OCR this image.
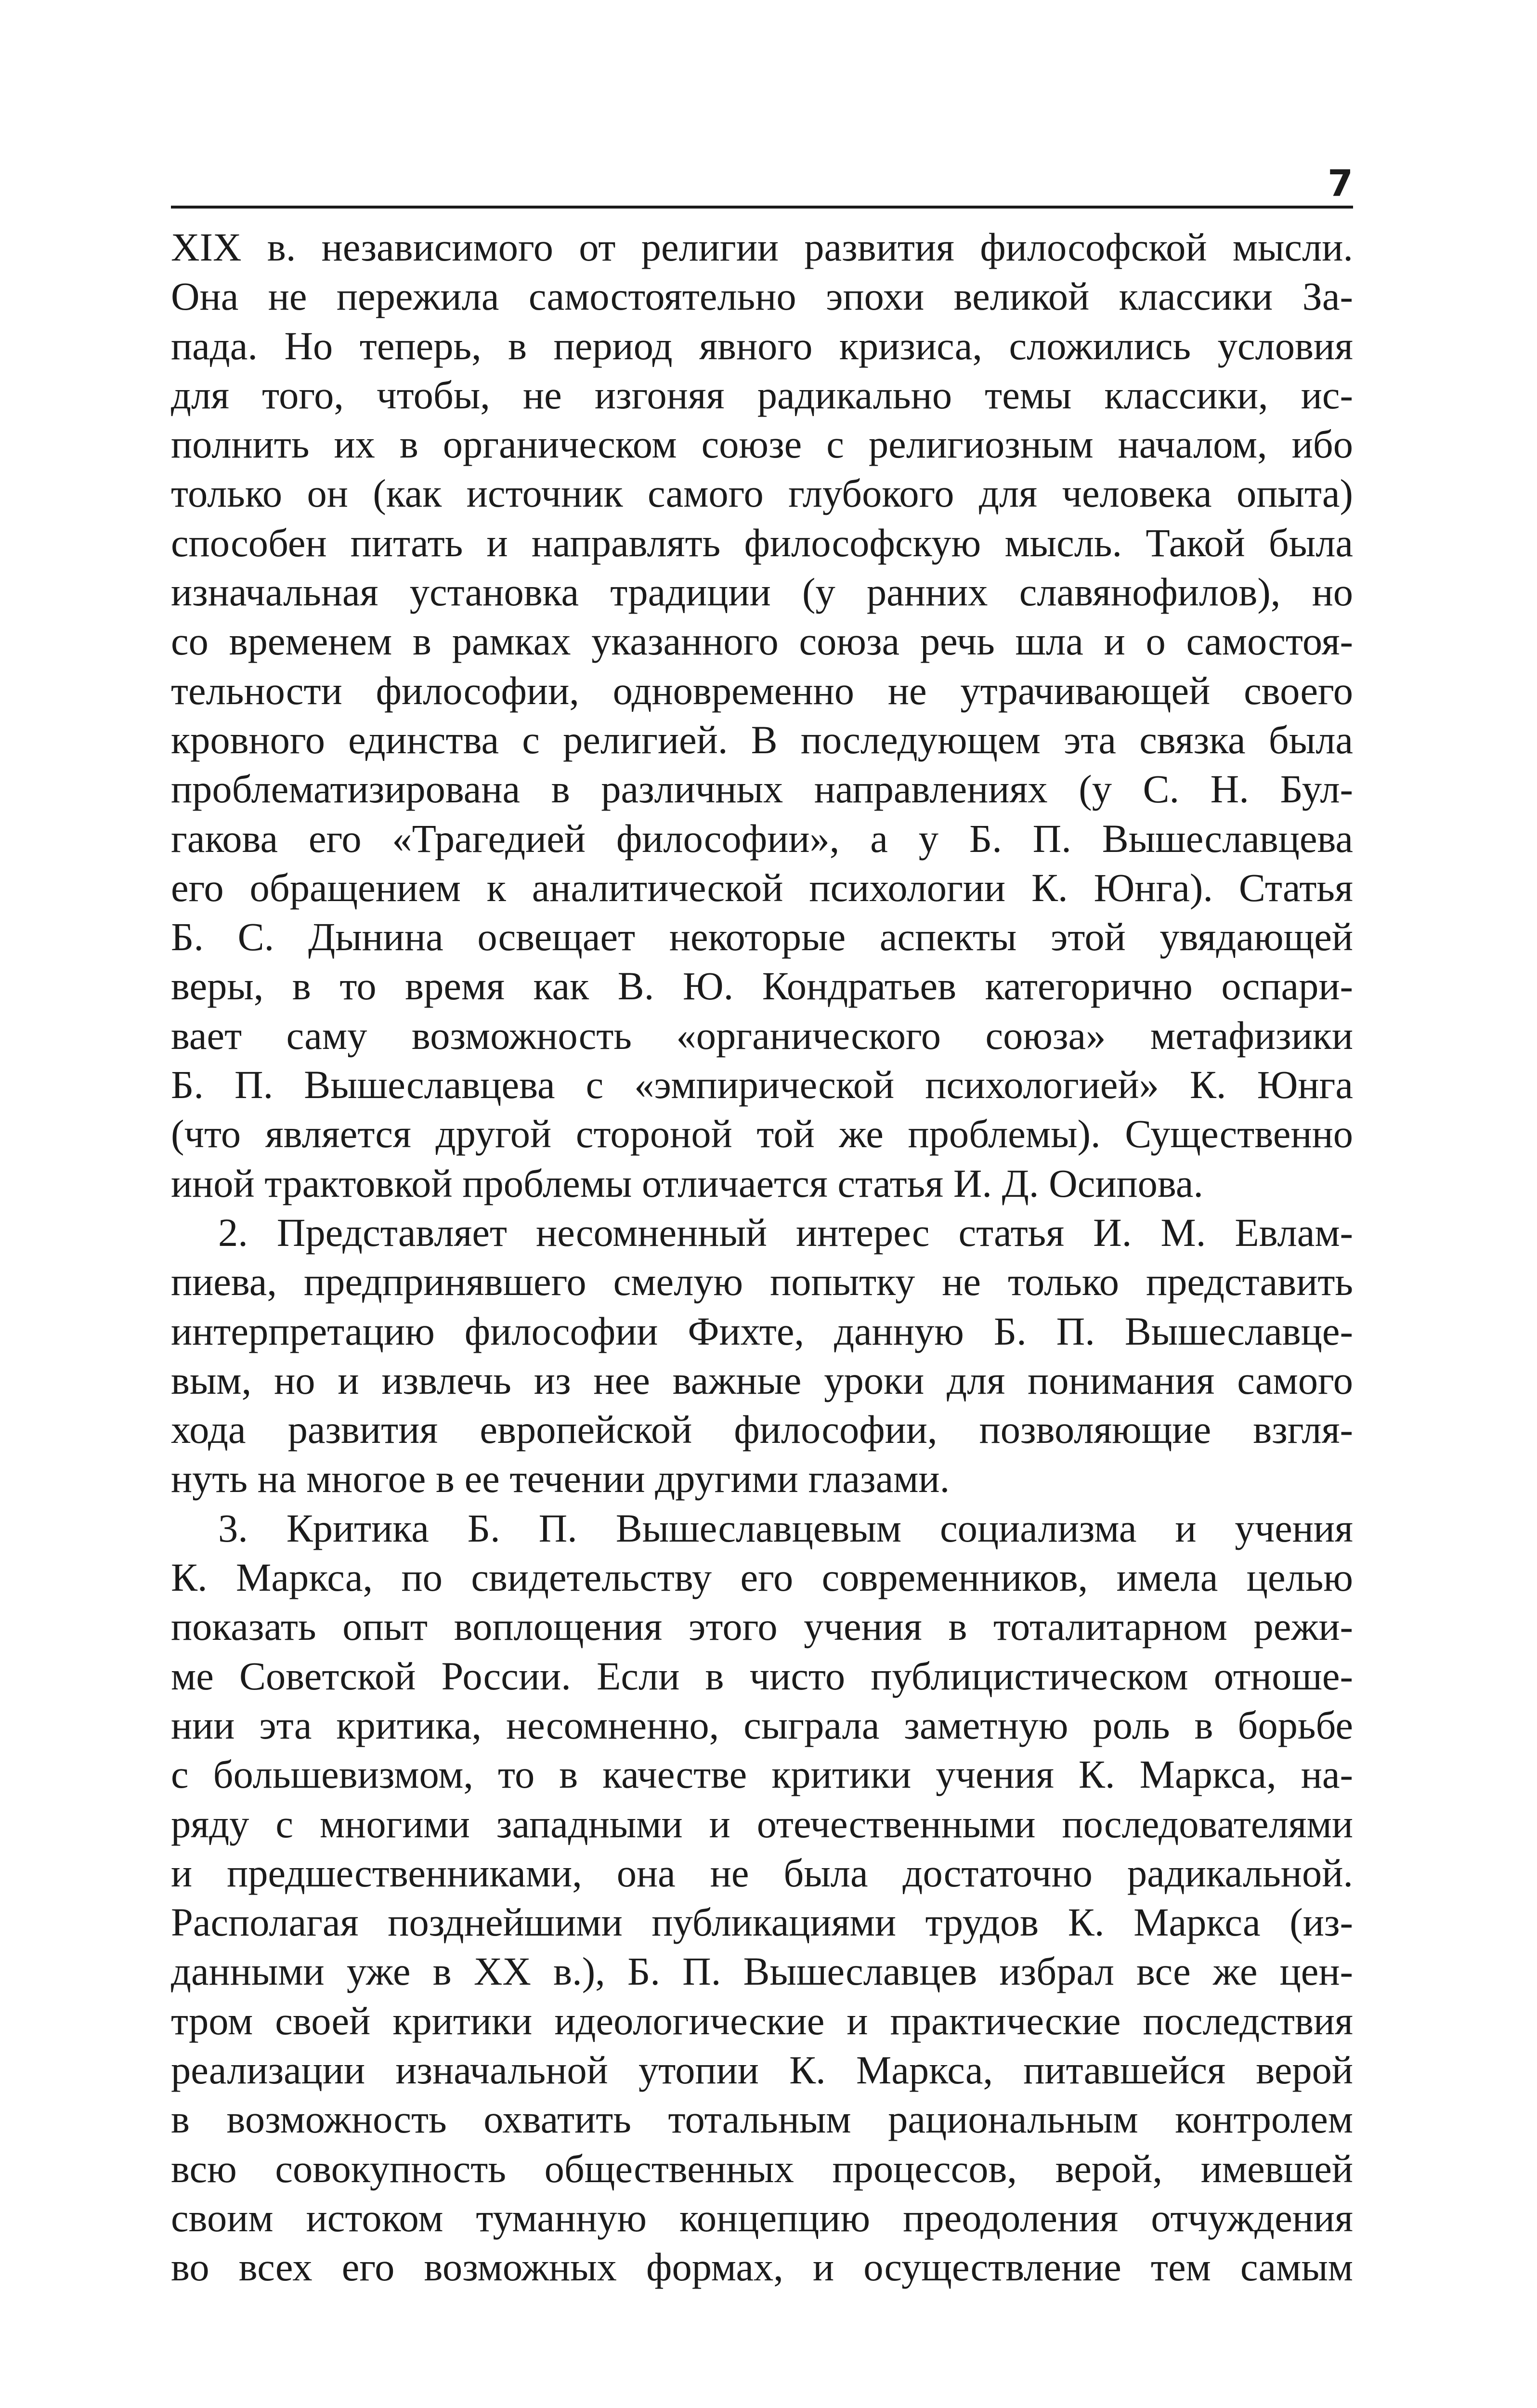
7
XIX в. независимого от религии развития философской мысли.
Она не пережила самостоятельно эпохи великой классики За-
пада. Но теперь, в период явного кризиса, сложились условия
для того, чтобы, не изгоняя радикально темы классики, ис-
полнить их в органическом союзе с религиозным началом, ибо
только он (как источник самого глубокого для человека опыта)
способен питать и направлять философскую мысль. Такой была
изначальная установка традиции (у ранних славянофилов), но
со временем в рамках указанного союза речь шла и о самостоя-
тельности философии, одновременно не утрачивающей своего
кровного единства с религией. В последующем эта связка была
проблематизирована в различных направлениях (у С. Н. Бул-
гакова его «Трагедией философии», а у Б. П. Вышеславцева
его обращением к аналитической психологии К. Юнга). Статья
Б. С. Дынина освещает некоторые аспекты этой увядающей
веры, в то время как В. Ю. Кондратьев категорично оспари-
вает саму возможность «органического союза» метафизики
Б. П. Вышеславцева с «эмпирической психологией» К. Юнга
(что является другой стороной той же проблемы). Существенно
иной трактовкой проблемы отличается статья И. Д. Осипова.
2. Представляет несомненный интерес статья И. М. Евлам-
пиева, предпринявшего смелую попытку не только представить
интерпретацию философии Фихте, данную Б. П. Вышеславце-
вым, но и извлечь из нее важные уроки для понимания самого
хода развития европейской философии, позволяющие взгля-
нуть на многое в ее течении другими глазами.
3. Критика Б. П. Вышеславцевым социализма и учения
К. Маркса, по свидетельству его современников, имела целью
показать опыт воплощения этого учения в тоталитарном режи-
ме Советской России. Если в чисто публицистическом отноше-
нии эта критика, несомненно, сыграла заметную роль в борьбе
с большевизмом, то в качестве критики учения К. Маркса, на-
ряду с многими западными и отечественными последователями
и предшественниками, она не была достаточно радикальной.
Располагая позднейшими публикациями трудов К. Маркса (из-
данными уже в XX в.), Б. П. Вышеславцев избрал все же цен-
тром своей критики идеологические и практические последствия
реализации изначальной утопии К. Маркса, питавшейся верой
в возможность охватить тотальным рациональным контролем
всю совокупность общественных процессов, верой, имевшей
своим истоком туманную концепцию преодоления отчуждения
во всех его возможных формах, и осуществление тем самым
